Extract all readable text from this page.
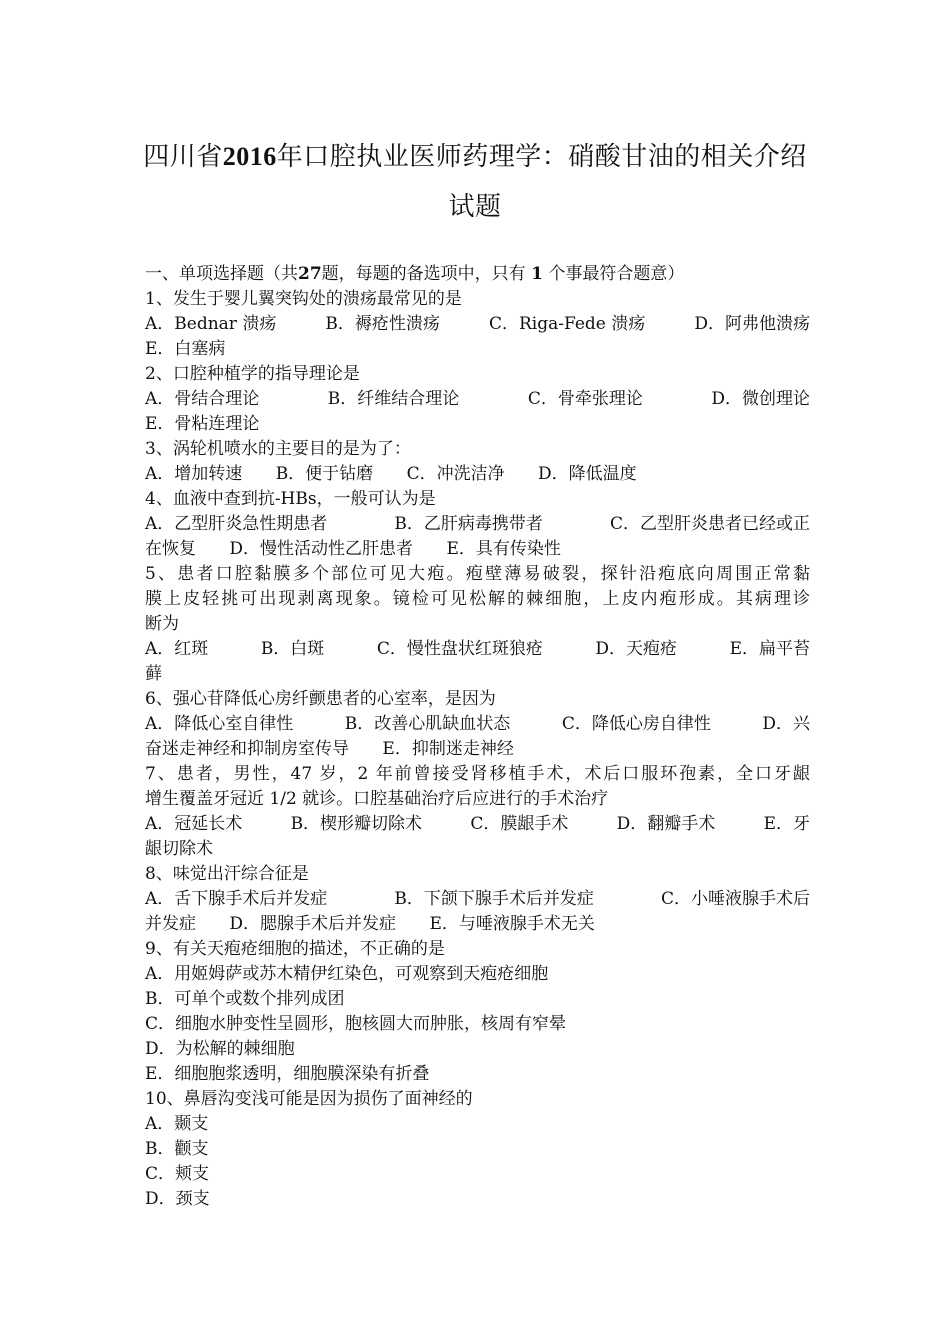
四川省2016年口腔执业医师药理学：硝酸甘油的相关介绍
试题
一、单项选择题（共27题，每题的备选项中，只有 1 个事最符合题意）
1、发生于婴儿翼突钩处的溃疡最常见的是
A．Bednar 溃疡	B．褥疮性溃疡	C．Riga-Fede 溃疡	D．阿弗他溃疡
E．白塞病
2、口腔种植学的指导理论是
A．骨结合理论	B．纤维结合理论	C．骨牵张理论	D．微创理论
E．骨粘连理论
3、涡轮机喷水的主要目的是为了：
A．增加转速 B．便于钻磨 C．冲洗洁净 D．降低温度
4、血液中查到抗-HBs，一般可认为是
A．乙型肝炎急性期患者	B．乙肝病毒携带者	C．乙型肝炎患者已经或正
在恢复 D．慢性活动性乙肝患者 E．具有传染性
5、患者口腔黏膜多个部位可见大疱。疱壁薄易破裂，探针沿疱底向周围正常黏
膜上皮轻挑可出现剥离现象。镜检可见松解的棘细胞，上皮内疱形成。其病理诊
断为
A．红斑	B．白斑	C．慢性盘状红斑狼疮	D．天疱疮	E．扁平苔
藓
6、强心苷降低心房纤颤患者的心室率，是因为
A．降低心室自律性	B．改善心肌缺血状态	C．降低心房自律性	D．兴
奋迷走神经和抑制房室传导 E．抑制迷走神经
7、患者，男性，47 岁，2 年前曾接受肾移植手术，术后口服环孢素，全口牙龈
增生覆盖牙冠近 1/2 就诊。口腔基础治疗后应进行的手术治疗
A．冠延长术	B．楔形瓣切除术	C．膜龈手术	D．翻瓣手术	E．牙
龈切除术
8、味觉出汗综合征是
A．舌下腺手术后并发症	B．下颌下腺手术后并发症	C．小唾液腺手术后
并发症 D．腮腺手术后并发症 E．与唾液腺手术无关
9、有关天疱疮细胞的描述，不正确的是
A．用姬姆萨或苏木精伊红染色，可观察到天疱疮细胞
B．可单个或数个排列成团
C．细胞水肿变性呈圆形，胞核圆大而肿胀，核周有窄晕
D．为松解的棘细胞
E．细胞胞浆透明，细胞膜深染有折叠
10、鼻唇沟变浅可能是因为损伤了面神经的
A．颞支
B．颧支
C．颊支
D．颈支
